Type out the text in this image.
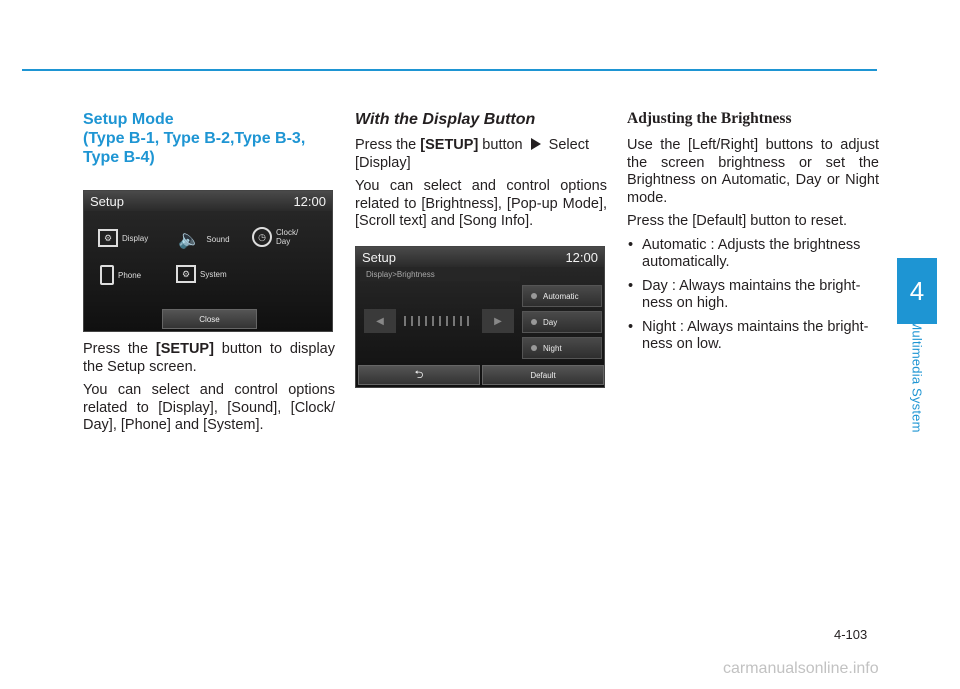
4
Multimedia System
Setup Mode
(Type B-1, Type B-2,Type B-3,
Type B-4)
Setup	12:00
⚙	Display 🔈 Sound	◷	Clock/
Day
Phone	⚙	System
Close

Press the [SETUP] button to display the Setup screen.

You can select and control options related to [Display], [Sound], [Clock/ Day], [Phone] and [System].

With the Display Button

Press the [SETUP] button  Select [Display]

You can select and control options related to [Brightness], [Pop-up Mode], [Scroll text] and [Song Info].

Setup	12:00
Display>Brightness
◀	▶
Automatic
Day
Night
⮌	Default
Adjusting the Brightness

Use the [Left/Right] buttons to adjust the screen brightness or set the Brightness on Automatic, Day or Night mode.

Press the [Default] button to reset.

• Automatic : Adjusts the brightness automatically.
• Day : Always maintains the bright- ness on high.
• Night : Always maintains the bright- ness on low.
4-103
carmanualsonline.info
